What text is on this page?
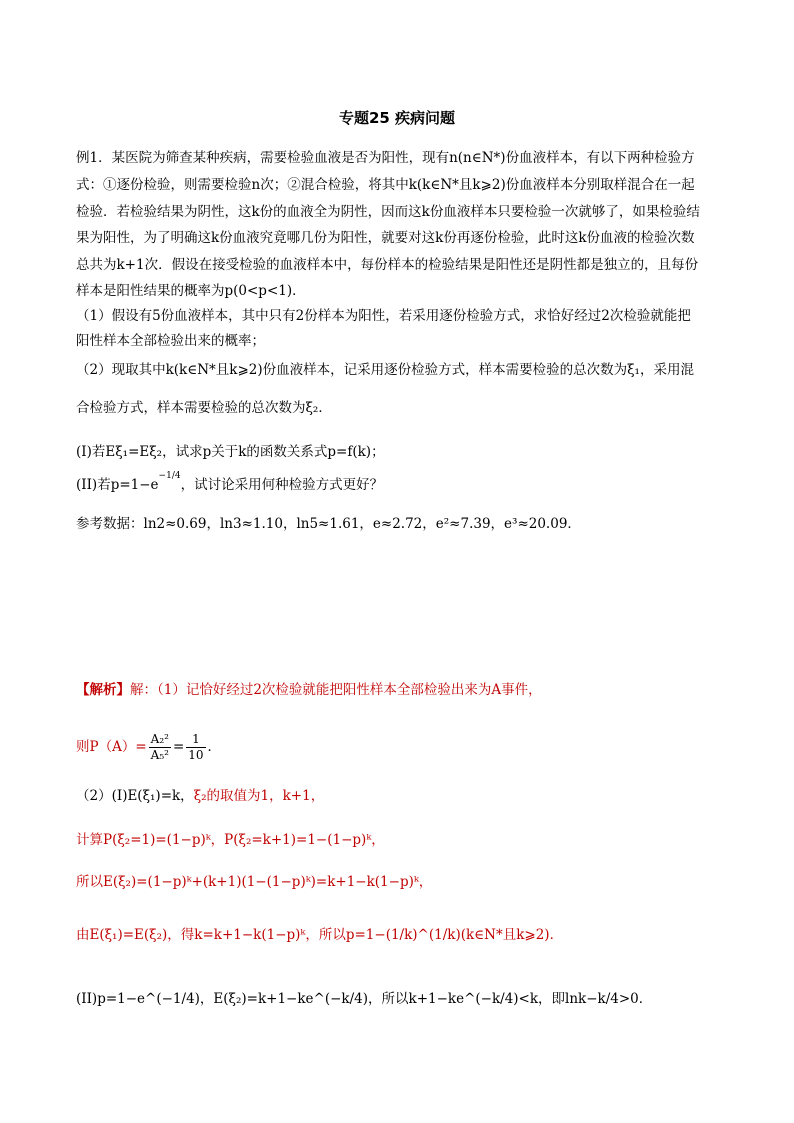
专题25 疾病问题
例1．某医院为筛查某种疾病，需要检验血液是否为阳性，现有n(n∈N*)份血液样本，有以下两种检验方
式：①逐份检验，则需要检验n次；②混合检验，将其中k(k∈N*且k⩾2)份血液样本分别取样混合在一起
检验．若检验结果为阴性，这k份的血液全为阴性，因而这k份血液样本只要检验一次就够了，如果检验结
果为阳性，为了明确这k份血液究竟哪几份为阳性，就要对这k份再逐份检验，此时这k份血液的检验次数
总共为k+1次．假设在接受检验的血液样本中，每份样本的检验结果是阳性还是阴性都是独立的，且每份
样本是阳性结果的概率为p(0<p<1)．
（1）假设有5份血液样本，其中只有2份样本为阳性，若采用逐份检验方式，求恰好经过2次检验就能把
阳性样本全部检验出来的概率；
（2）现取其中k(k∈N*且k⩾2)份血液样本，记采用逐份检验方式，样本需要检验的总次数为ξ₁，采用混
合检验方式，样本需要检验的总次数为ξ₂．
(I)若Eξ₁=Eξ₂，试求p关于k的函数关系式p=f(k)；
(II)若$p=1-e^{-1/4}$，试讨论采用何种检验方式更好？
参考数据：ln2≈0.69，ln3≈1.10，ln5≈1.61，e≈2.72，e²≈7.39，e³≈20.09．
【解析】解：（1）记恰好经过2次检验就能把阳性样本全部检验出来为A事件，
则$P(A)= \frac{\text{A₂²}}{\text{A₅²}} = \frac{1}{10}$ ．
（2）(I)E(ξ₁)=k，ξ₂的取值为1，k+1，
计算P(ξ₂=1)=(1−p)ᵏ，P(ξ₂=k+1)=1−(1−p)ᵏ，
所以E(ξ₂)=(1−p)ᵏ+(k+1)(1−(1−p)ᵏ)=k+1−k(1−p)ᵏ，
由E(ξ₁)=E(ξ₂)，得k=k+1−k(1−p)ᵏ，所以p=1−(1/k)^(1/k)(k∈N*且k⩾2)．
(II)p=1−e^(−1/4)，E(ξ₂)=k+1−ke^(−k/4)，所以k+1−ke^(−k/4)<k，即lnk−k/4>0．
